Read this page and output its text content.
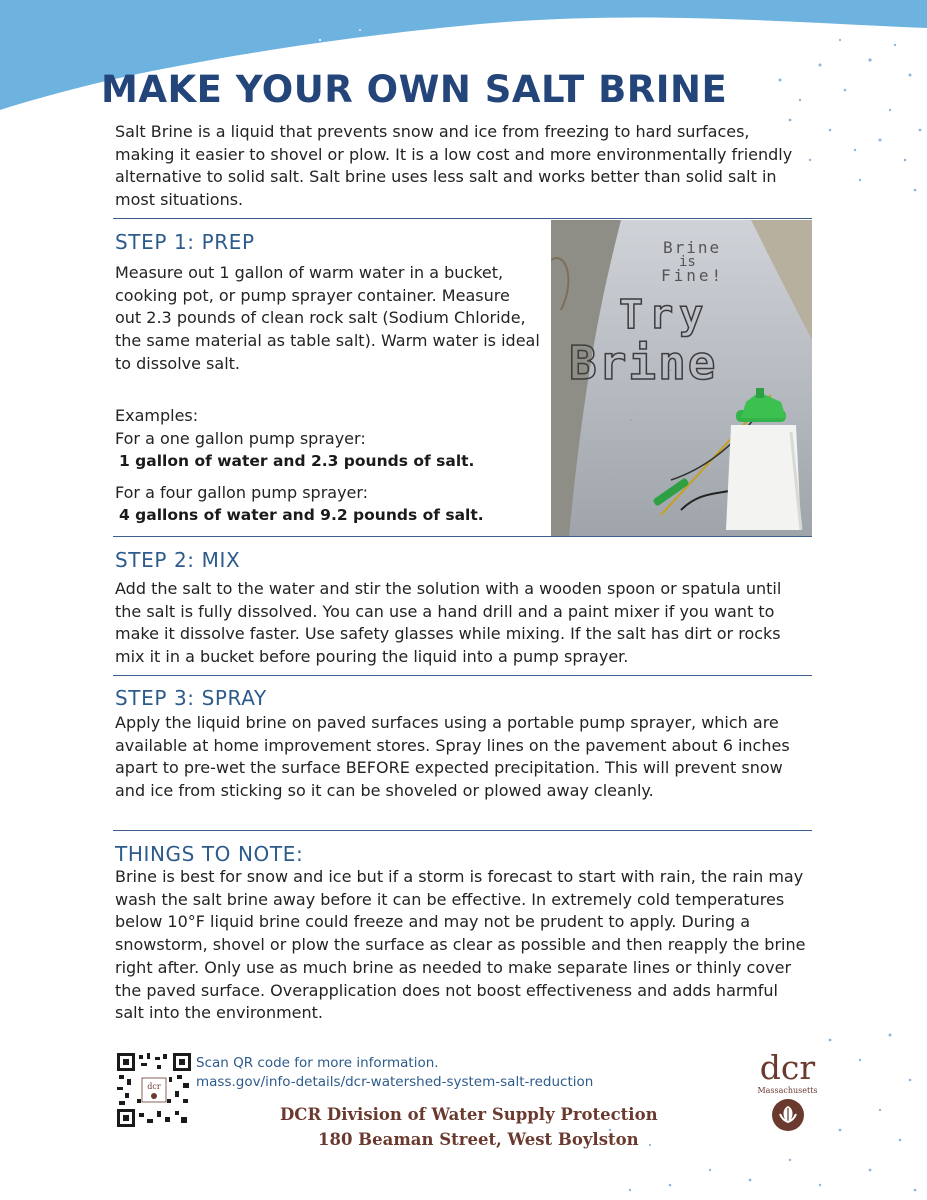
MAKE YOUR OWN SALT BRINE

Salt Brine is a liquid that prevents snow and ice from freezing to hard surfaces, making it easier to shovel or plow. It is a low cost and more environmentally friendly alternative to solid salt. Salt brine uses less salt and works better than solid salt in most situations.

STEP 1: PREP

Measure out 1 gallon of warm water in a bucket, cooking pot, or pump sprayer container. Measure out 2.3 pounds of clean rock salt (Sodium Chloride, the same material as table salt). Warm water is ideal to dissolve salt.

Examples:

For a one gallon pump sprayer:

1 gallon of water and 2.3 pounds of salt.

For a four gallon pump sprayer:

4 gallons of water and 9.2 pounds of salt.
Brine
is
Fine!
Try
Brine
STEP 2: MIX

Add the salt to the water and stir the solution with a wooden spoon or spatula until the salt is fully dissolved. You can use a hand drill and a paint mixer if you want to make it dissolve faster. Use safety glasses while mixing. If the salt has dirt or rocks mix it in a bucket before pouring the liquid into a pump sprayer.

STEP 3: SPRAY

Apply the liquid brine on paved surfaces using a portable pump sprayer, which are available at home improvement stores. Spray lines on the pavement about 6 inches apart to pre-wet the surface BEFORE expected precipitation. This will prevent snow and ice from sticking so it can be shoveled or plowed away cleanly.

THINGS TO NOTE:

Brine is best for snow and ice but if a storm is forecast to start with rain, the rain may wash the salt brine away before it can be effective. In extremely cold temperatures below 10°F liquid brine could freeze and may not be prudent to apply. During a snowstorm, shovel or plow the surface as clear as possible and then reapply the brine right after. Only use as much brine as needed to make separate lines or thinly cover the paved surface. Overapplication does not boost effectiveness and adds harmful salt into the environment.

dcr
Scan QR code for more information.
mass.gov/info-details/dcr-watershed-system-salt-reduction
DCR Division of Water Supply Protection
180 Beaman Street, West Boylston
dcr
Massachusetts
